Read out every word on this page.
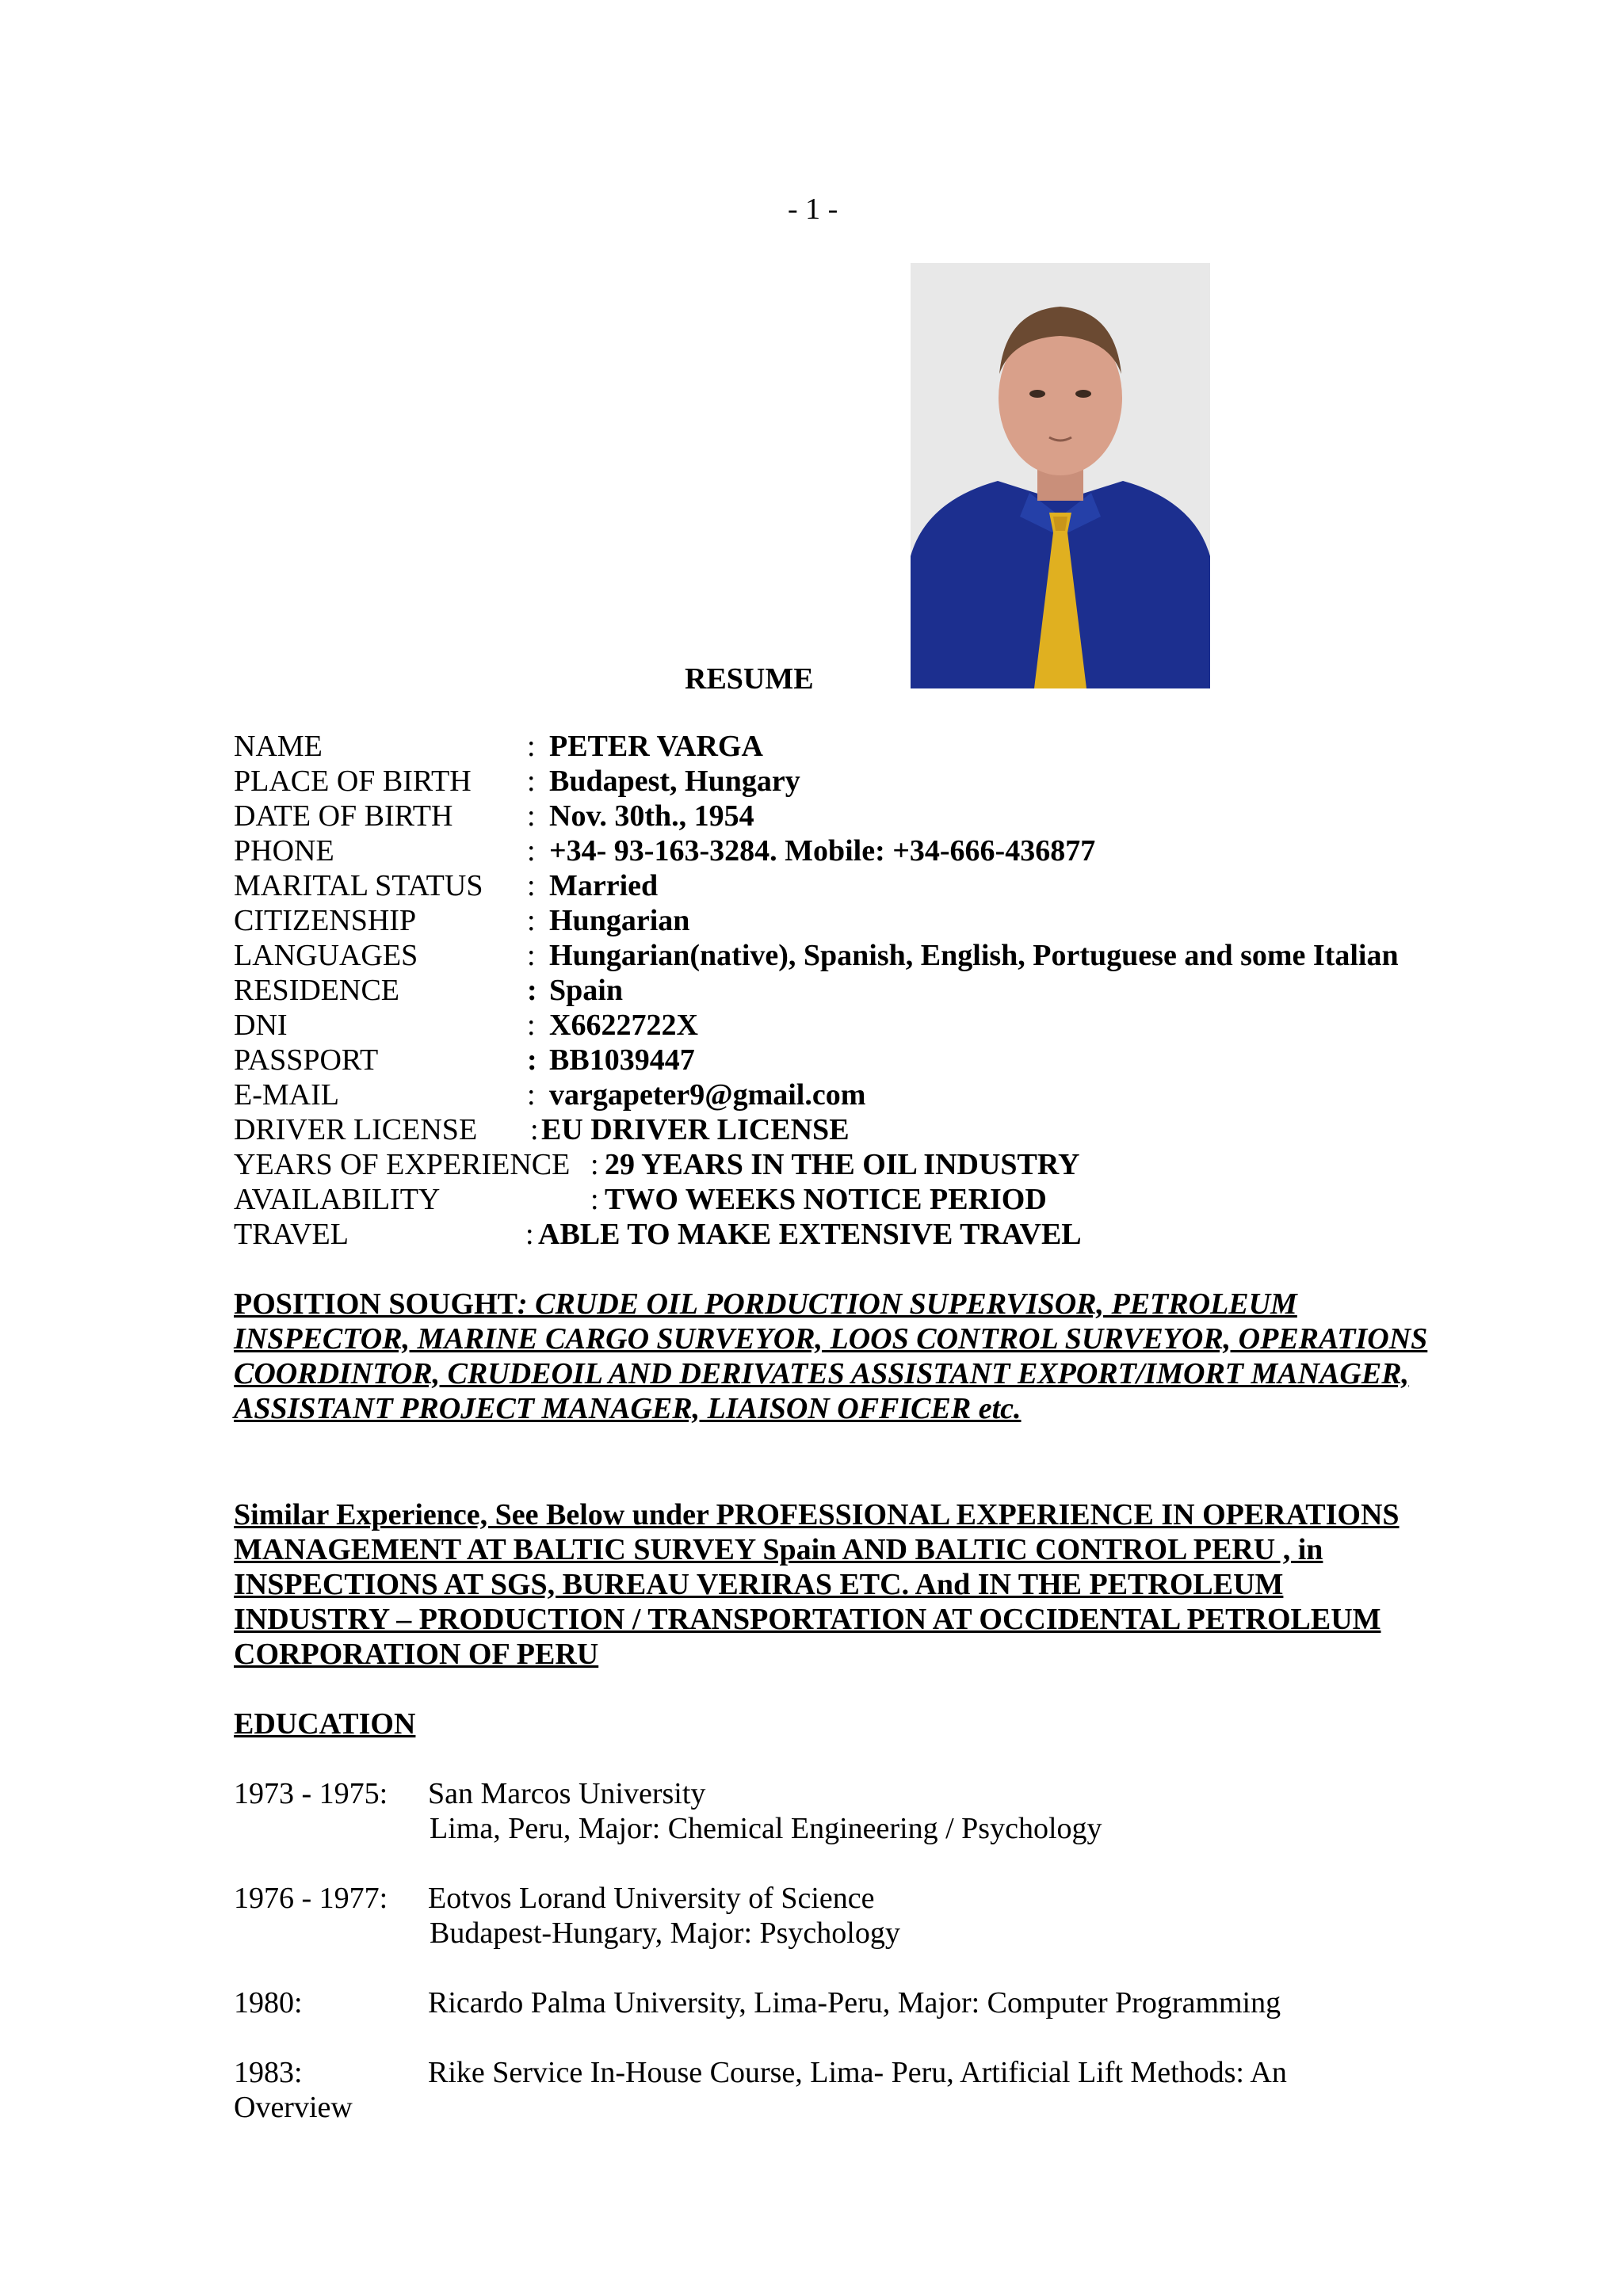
- 1 -
RESUME
NAME	: PETER VARGA
PLACE OF BIRTH : Budapest, Hungary
DATE OF BIRTH : Nov. 30th., 1954
PHONE	: +34- 93-163-3284. Mobile: +34-666-436877
MARITAL STATUS : Married
CITIZENSHIP	: Hungarian
LANGUAGES	: Hungarian(native), Spanish, English, Portuguese and some Italian
RESIDENCE	: Spain
DNI	: X6622722X
PASSPORT	: BB1039447
E-MAIL	: vargapeter9@gmail.com
DRIVER LICENSE :EU DRIVER LICENSE
YEARS OF EXPERIENCE : 29 YEARS IN THE OIL INDUSTRY
AVAILABILITY	: TWO WEEKS NOTICE PERIOD
TRAVEL	: ABLE TO MAKE EXTENSIVE TRAVEL
POSITION SOUGHT: CRUDE OIL PORDUCTION SUPERVISOR, PETROLEUM INSPECTOR, MARINE CARGO SURVEYOR, LOOS CONTROL SURVEYOR, OPERATIONS COORDINTOR, CRUDEOIL AND DERIVATES ASSISTANT EXPORT/IMORT MANAGER, ASSISTANT PROJECT MANAGER, LIAISON OFFICER etc.
Similar Experience, See Below under PROFESSIONAL EXPERIENCE IN OPERATIONS MANAGEMENT AT BALTIC SURVEY Spain AND BALTIC CONTROL PERU , in INSPECTIONS AT SGS, BUREAU VERIRAS ETC. And IN THE PETROLEUM INDUSTRY – PRODUCTION / TRANSPORTATION AT OCCIDENTAL PETROLEUM CORPORATION OF PERU
EDUCATION
1973 - 1975: San Marcos University
Lima, Peru, Major: Chemical Engineering / Psychology
1976 - 1977: Eotvos Lorand University of Science
Budapest-Hungary, Major: Psychology
1980:	Ricardo Palma University, Lima-Peru, Major: Computer Programming
1983:	Rike Service In-House Course, Lima- Peru, Artificial Lift Methods: An
Overview
